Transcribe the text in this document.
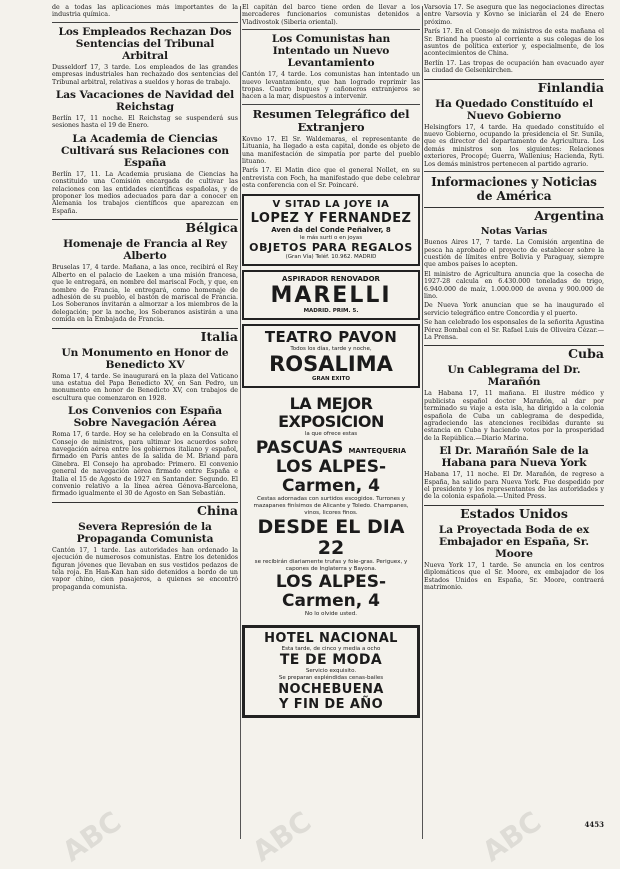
de a todas las aplicaciones más importantes de la industria química.

Los Empleados Rechazan Dos Sentencias del Tribunal Arbitral

Dusseldorf 17, 3 tarde. Los empleados de las grandes empresas industriales han rechazado dos sentencias del Tribunal arbitral, relativas a sueldos y horas de trabajo.

Las Vacaciones de Navidad del Reichstag

Berlín 17, 11 noche. El Reichstag se suspenderá sus sesiones hasta el 19 de Enero.

La Academia de Ciencias Cultivará sus Relaciones con España

Berlín 17, 11. La Academia prusiana de Ciencias ha constituido una Comisión encargada de cultivar las relaciones con las entidades científicas españolas, y de proponer los medios adecuados para dar a conocer en Alemania los trabajos científicos que aparezcan en España.

Bélgica
Homenaje de Francia al Rey Alberto

Bruselas 17, 4 tarde. Mañana, a las once, recibirá el Rey Alberto en el palacio de Laeken a una misión francesa, que le entregará, en nombre del mariscal Foch, y que, en nombre de Francia, le entregará, como homenaje de adhesión de su pueblo, el bastón de mariscal de Francia. Los Soberanos invitarán a almorzar a los miembros de la delegación; por la noche, los Soberanos asistirán a una comida en la Embajada de Francia.

Italia
Un Monumento en Honor de Benedicto XV

Roma 17, 4 tarde. Se inaugurará en la plaza del Vaticano una estatua del Papa Benedicto XV, en San Pedro, un monumento en honor de Benedicto XV, con trabajos de escultura que comenzaron en 1928.

Los Convenios con España Sobre Navegación Aérea

Roma 17, 6 tarde. Hoy se ha celebrado en la Consulta el Consejo de ministros, para ultimar los acuerdos sobre navegación aérea entre los gobiernos italiano y español, firmado en París antes de la salida de M. Briand para Ginebra. El Consejo ha aprobado: Primero. El convenio general de navegación aérea firmado entre España e Italia el 15 de Agosto de 1927 en Santander. Segundo. El convenio relativo a la línea aérea Génova-Barcelona, firmado igualmente el 30 de Agosto en San Sebastián.

China
Severa Represión de la Propaganda Comunista

Cantón 17, 1 tarde. Las autoridades han ordenado la ejecución de numerosos comunistas. Entre los detenidos figuran jóvenes que llevaban en sus vestidos pedazos de tela roja. En Han-Kan han sido detenidos a bordo de un vapor chino, cien pasajeros, a quienes se encontró propaganda comunista.

El capitán del barco tiene orden de llevar a los mercaderes funcionarios comunistas detenidos a Vladivostok (Siberia oriental).

Los Comunistas han Intentado un Nuevo Levantamiento

Cantón 17, 4 tarde. Los comunistas han intentado un nuevo levantamiento, que han logrado reprimir las tropas. Cuatro buques y cañoneros extranjeros se hacen a la mar, dispuestos a intervenir.

Resumen Telegráfico del Extranjero

Kovno 17. El Sr. Waldemaras, el representante de Lituania, ha llegado a esta capital, donde es objeto de una manifestación de simpatía por parte del pueblo lituano.

París 17. El Matin dice que el general Nollet, en su entrevista con Foch, ha manifestado que debe celebrar esta conferencia con el Sr. Poincaré.

V SITAD LA JOYE IA
LOPEZ Y FERNANDEZ
Aven da del Conde Peñalver, 8
le más surti o en joyas
OBJETOS PARA REGALOS
(Gran Vía) Teléf. 10.962. MADRID
ASPIRADOR RENOVADOR
MARELLI
MADRID. PRIM. 5.
TEATRO PAVON
Todos los días, tarde y noche,
ROSALIMA
GRAN EXITO
LA MEJOR EXPOSICION
la que ofrece estas
PASCUAS MANTEQUERIA
LOS ALPES-Carmen, 4
Cestas adornadas con surtidos escogidos. Turrones y mazapanes finísimos de Alicante y Toledo. Champanes, vinos, licores finos.
DESDE EL DIA 22
se recibirán diariamente trufas y foie-gras. Periguex, y capones de Inglaterra y Bayona.
LOS ALPES-Carmen, 4
No lo olvide usted.
HOTEL NACIONAL
Esta tarde, de cinco y media a ocho
TE DE MODA
Servicio exquisito.
Se preparan espléndidas cenas-bailes
NOCHEBUENA
Y FIN DE AÑO

Varsovia 17. Se asegura que las negociaciones directas entre Varsovia y Kovno se iniciarán el 24 de Enero próximo.

París 17. En el Consejo de ministros de esta mañana el Sr. Briand ha puesto al corriente a sus colegas de los asuntos de política exterior y, especialmente, de los acontecimientos de China.

Berlín 17. Las tropas de ocupación han evacuado ayer la ciudad de Gelsenkirchen.

Finlandia
Ha Quedado Constituído el Nuevo Gobierno

Helsingfors 17, 4 tarde. Ha quedado constituído el nuevo Gobierno, ocupando la presidencia el Sr. Sunila, que es director del departamento de Agricultura. Los demás ministros son los siguientes: Relaciones exteriores, Procopé; Guerra, Wallenius; Hacienda, Ryti. Los demás ministros pertenecen al partido agrario.

Informaciones y Noticias de América
Argentina
Notas Varias

Buenos Aires 17, 7 tarde. La Comisión argentina de pesca ha aprobado el proyecto de establecer sobre la cuestión de límites entre Bolivia y Paraguay, siempre que ambos países lo acepten.

El ministro de Agricultura anuncia que la cosecha de 1927-28 calcula en 6.430.000 toneladas de trigo, 6.940.000 de maíz, 1.000.000 de avena y 900.000 de lino.

De Nueva York anuncian que se ha inaugurado el servicio telegráfico entre Concordia y el puerto.

Se han celebrado los esponsales de la señorita Agustina Pérez Bombal con el Sr. Rafael Luis de Oliveira Cézar.—La Prensa.

Cuba
Un Cablegrama del Dr. Marañón

La Habana 17, 11 mañana. El ilustre médico y publicista español doctor Marañón, al dar por terminado su viaje a esta isla, ha dirigido a la colonia española de Cuba un cablegrama de despedida, agradeciendo las atenciones recibidas durante su estancia en Cuba y haciendo votos por la prosperidad de la República.—Diario Marina.

El Dr. Marañón Sale de la Habana para Nueva York

Habana 17, 11 noche. El Dr. Marañón, de regreso a España, ha salido para Nueva York. Fue despedido por el presidente y los representantes de las autoridades y de la colonia española.—United Press.

Estados Unidos
La Proyectada Boda de ex Embajador en España, Sr. Moore

Nueva York 17, 1 tarde. Se anuncia en los centros diplomáticos que el Sr. Moore, ex embajador de los Estados Unidos en España, Sr. Moore, contraerá matrimonio.

4453
ABC	ABC	ABC
